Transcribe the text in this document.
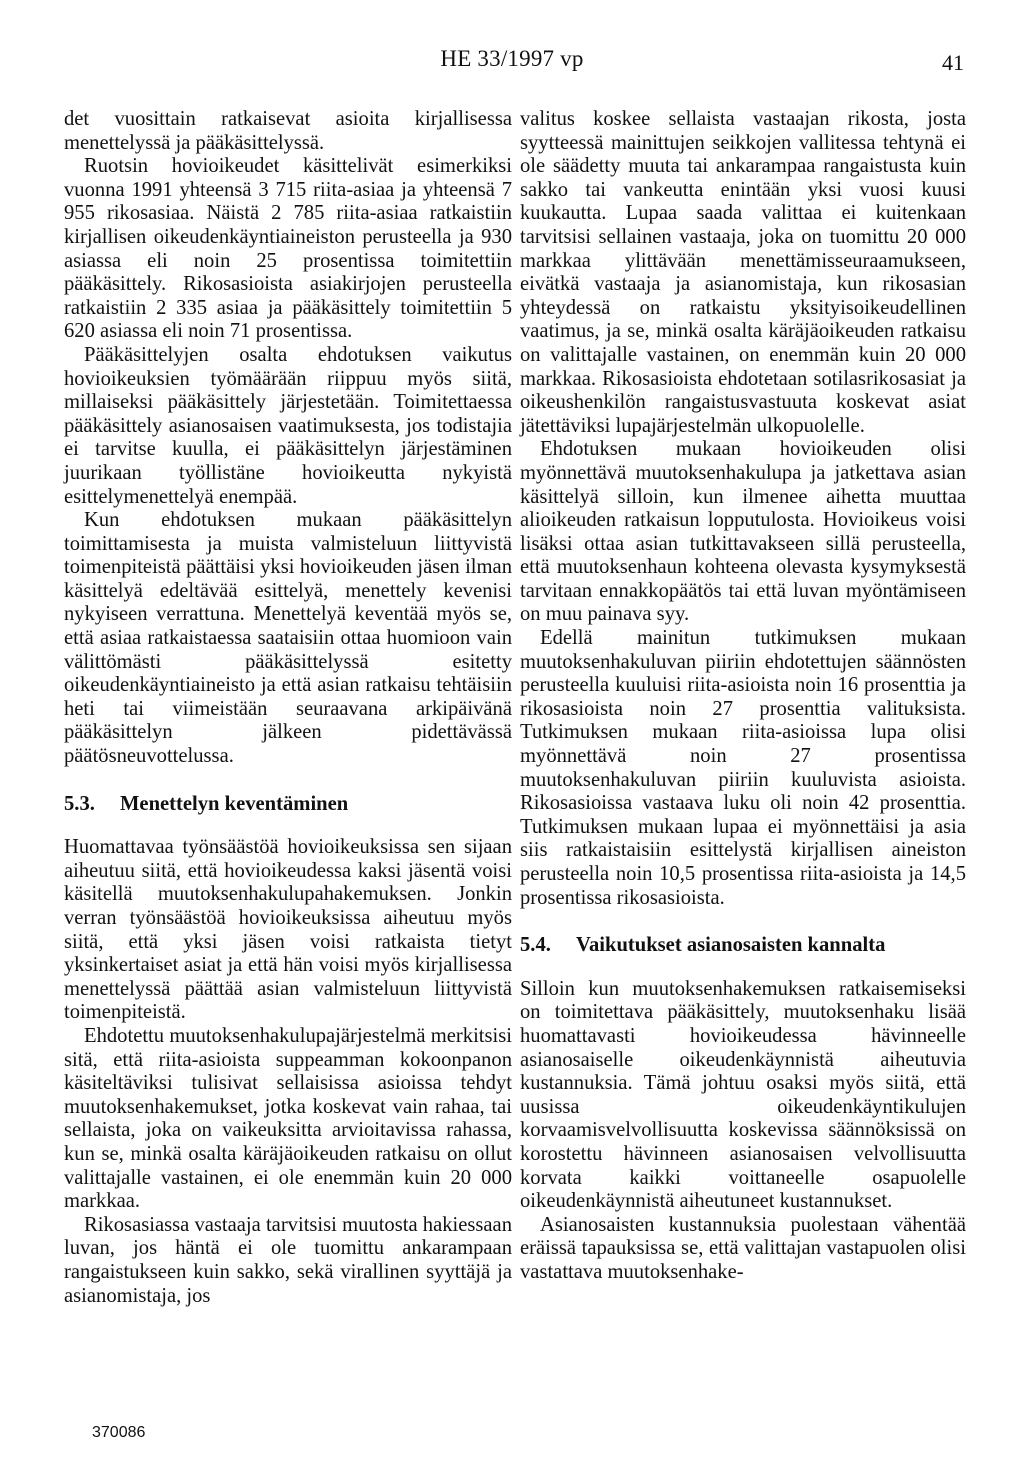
HE 33/1997 vp	41

det vuosittain ratkaisevat asioita kirjallisessa menettelyssä ja pääkäsittelyssä.

Ruotsin hovioikeudet käsittelivät esimerkiksi vuonna 1991 yhteensä 3 715 riita-asiaa ja yhteensä 7 955 rikosasiaa. Näistä 2 785 riita-asiaa ratkaistiin kirjallisen oikeudenkäyntiaineiston perusteella ja 930 asiassa eli noin 25 prosentissa toimitettiin pääkäsittely. Rikosasioista asiakirjojen perusteella ratkaistiin 2 335 asiaa ja pääkäsittely toimitettiin 5 620 asiassa eli noin 71 prosentissa.

Pääkäsittelyjen osalta ehdotuksen vaikutus hovioikeuksien työmäärään riippuu myös siitä, millaiseksi pääkäsittely järjestetään. Toimitettaessa pääkäsittely asianosaisen vaatimuksesta, jos todistajia ei tarvitse kuulla, ei pääkäsittelyn järjestäminen juurikaan työllistäne hovioikeutta nykyistä esittelymenettelyä enempää.

Kun ehdotuksen mukaan pääkäsittelyn toimittamisesta ja muista valmisteluun liittyvistä toimenpiteistä päättäisi yksi hovioikeuden jäsen ilman käsittelyä edeltävää esittelyä, menettely kevenisi nykyiseen verrattuna. Menettelyä keventää myös se, että asiaa ratkaistaessa saataisiin ottaa huomioon vain välittömästi pääkäsittelyssä esitetty oikeudenkäyntiaineisto ja että asian ratkaisu tehtäisiin heti tai viimeistään seuraavana arkipäivänä pääkäsittelyn jälkeen pidettävässä päätösneuvottelussa.

5.3. Menettelyn keventäminen

Huomattavaa työnsäästöä hovioikeuksissa sen sijaan aiheutuu siitä, että hovioikeudessa kaksi jäsentä voisi käsitellä muutoksenhakulupahakemuksen. Jonkin verran työnsäästöä hovioikeuksissa aiheutuu myös siitä, että yksi jäsen voisi ratkaista tietyt yksinkertaiset asiat ja että hän voisi myös kirjallisessa menettelyssä päättää asian valmisteluun liittyvistä toimenpiteistä.

Ehdotettu muutoksenhakulupajärjestelmä merkitsisi sitä, että riita-asioista suppeamman kokoonpanon käsiteltäviksi tulisivat sellaisissa asioissa tehdyt muutoksenhakemukset, jotka koskevat vain rahaa, tai sellaista, joka on vaikeuksitta arvioitavissa rahassa, kun se, minkä osalta käräjäoikeuden ratkaisu on ollut valittajalle vastainen, ei ole enemmän kuin 20 000 markkaa.

Rikosasiassa vastaaja tarvitsisi muutosta hakiessaan luvan, jos häntä ei ole tuomittu ankarampaan rangaistukseen kuin sakko, sekä virallinen syyttäjä ja asianomistaja, jos

valitus koskee sellaista vastaajan rikosta, josta syytteessä mainittujen seikkojen vallitessa tehtynä ei ole säädetty muuta tai ankarampaa rangaistusta kuin sakko tai vankeutta enintään yksi vuosi kuusi kuukautta. Lupaa saada valittaa ei kuitenkaan tarvitsisi sellainen vastaaja, joka on tuomittu 20 000 markkaa ylittävään menettämisseuraamukseen, eivätkä vastaaja ja asianomistaja, kun rikosasian yhteydessä on ratkaistu yksityisoikeudellinen vaatimus, ja se, minkä osalta käräjäoikeuden ratkaisu on valittajalle vastainen, on enemmän kuin 20 000 markkaa. Rikosasioista ehdotetaan sotilasrikosasiat ja oikeushenkilön rangaistusvastuuta koskevat asiat jätettäviksi lupajärjestelmän ulkopuolelle.

Ehdotuksen mukaan hovioikeuden olisi myönnettävä muutoksenhakulupa ja jatkettava asian käsittelyä silloin, kun ilmenee aihetta muuttaa alioikeuden ratkaisun lopputulosta. Hovioikeus voisi lisäksi ottaa asian tutkittavakseen sillä perusteella, että muutoksenhaun kohteena olevasta kysymyksestä tarvitaan ennakkopäätös tai että luvan myöntämiseen on muu painava syy.

Edellä mainitun tutkimuksen mukaan muutoksenhakuluvan piiriin ehdotettujen säännösten perusteella kuuluisi riita-asioista noin 16 prosenttia ja rikosasioista noin 27 prosenttia valituksista. Tutkimuksen mukaan riita-asioissa lupa olisi myönnettävä noin 27 prosentissa muutoksenhakuluvan piiriin kuuluvista asioista. Rikosasioissa vastaava luku oli noin 42 prosenttia. Tutkimuksen mukaan lupaa ei myönnettäisi ja asia siis ratkaistaisiin esittelystä kirjallisen aineiston perusteella noin 10,5 prosentissa riita-asioista ja 14,5 prosentissa rikosasioista.

5.4. Vaikutukset asianosaisten kannalta

Silloin kun muutoksenhakemuksen ratkaisemiseksi on toimitettava pääkäsittely, muutoksenhaku lisää huomattavasti hovioikeudessa hävinneelle asianosaiselle oikeudenkäynnistä aiheutuvia kustannuksia. Tämä johtuu osaksi myös siitä, että uusissa oikeudenkäyntikulujen korvaamisvelvollisuutta koskevissa säännöksissä on korostettu hävinneen asianosaisen velvollisuutta korvata kaikki voittaneelle osapuolelle oikeudenkäynnistä aiheutuneet kustannukset.

Asianosaisten kustannuksia puolestaan vähentää eräissä tapauksissa se, että valittajan vastapuolen olisi vastattava muutoksenhake-

370086
